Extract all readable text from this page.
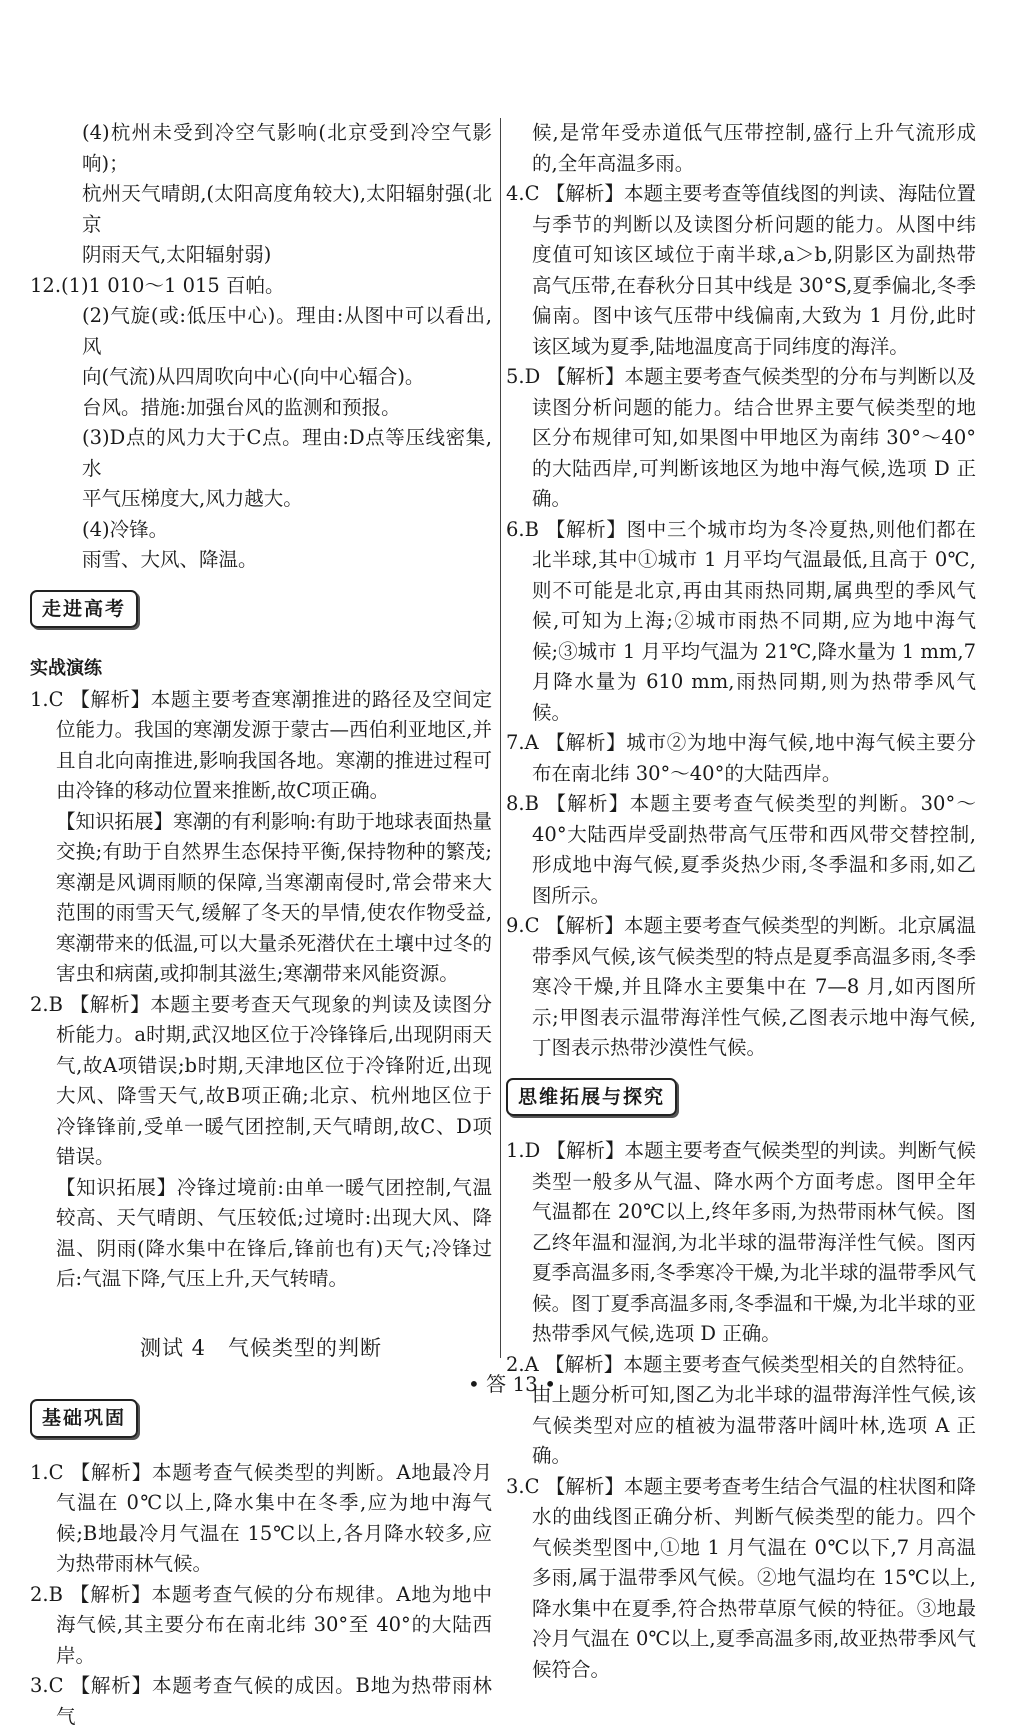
(4)杭州未受到冷空气影响(北京受到冷空气影响)；

杭州天气晴朗,(太阳高度角较大),太阳辐射强(北京

阴雨天气,太阳辐射弱)

12.(1)1 010～1 015 百帕。

(2)气旋(或:低压中心)。理由:从图中可以看出,风

向(气流)从四周吹向中心(向中心辐合)。

台风。措施:加强台风的监测和预报。

(3)D点的风力大于C点。理由:D点等压线密集,水

平气压梯度大,风力越大。

(4)冷锋。

雨雪、大风、降温。

走进高考

实战演练

1.C 【解析】本题主要考查寒潮推进的路径及空间定位能力。我国的寒潮发源于蒙古—西伯利亚地区,并且自北向南推进,影响我国各地。寒潮的推进过程可由冷锋的移动位置来推断,故C项正确。

【知识拓展】寒潮的有利影响:有助于地球表面热量交换;有助于自然界生态保持平衡,保持物种的繁茂;寒潮是风调雨顺的保障,当寒潮南侵时,常会带来大范围的雨雪天气,缓解了冬天的旱情,使农作物受益,寒潮带来的低温,可以大量杀死潜伏在土壤中过冬的害虫和病菌,或抑制其滋生;寒潮带来风能资源。

2.B 【解析】本题主要考查天气现象的判读及读图分析能力。a时期,武汉地区位于冷锋锋后,出现阴雨天气,故A项错误;b时期,天津地区位于冷锋附近,出现大风、降雪天气,故B项正确;北京、杭州地区位于冷锋锋前,受单一暖气团控制,天气晴朗,故C、D项错误。

【知识拓展】冷锋过境前:由单一暖气团控制,气温较高、天气晴朗、气压较低;过境时:出现大风、降温、阴雨(降水集中在锋后,锋前也有)天气;冷锋过后:气温下降,气压上升,天气转晴。

测试 4　气候类型的判断

基础巩固

1.C 【解析】本题考查气候类型的判断。A地最冷月气温在 0℃以上,降水集中在冬季,应为地中海气候;B地最冷月气温在 15℃以上,各月降水较多,应为热带雨林气候。

2.B 【解析】本题考查气候的分布规律。A地为地中海气候,其主要分布在南北纬 30°至 40°的大陆西岸。

3.C 【解析】本题考查气候的成因。B地为热带雨林气

候,是常年受赤道低气压带控制,盛行上升气流形成的,全年高温多雨。

4.C 【解析】本题主要考查等值线图的判读、海陆位置与季节的判断以及读图分析问题的能力。从图中纬度值可知该区域位于南半球,a＞b,阴影区为副热带高气压带,在春秋分日其中线是 30°S,夏季偏北,冬季偏南。图中该气压带中线偏南,大致为 1 月份,此时该区域为夏季,陆地温度高于同纬度的海洋。

5.D 【解析】本题主要考查气候类型的分布与判断以及读图分析问题的能力。结合世界主要气候类型的地区分布规律可知,如果图中甲地区为南纬 30°～40°的大陆西岸,可判断该地区为地中海气候,选项 D 正确。

6.B 【解析】图中三个城市均为冬冷夏热,则他们都在北半球,其中①城市 1 月平均气温最低,且高于 0℃,则不可能是北京,再由其雨热同期,属典型的季风气候,可知为上海;②城市雨热不同期,应为地中海气候;③城市 1 月平均气温为 21℃,降水量为 1 mm,7 月降水量为 610 mm,雨热同期,则为热带季风气候。

7.A 【解析】城市②为地中海气候,地中海气候主要分布在南北纬 30°～40°的大陆西岸。

8.B 【解析】本题主要考查气候类型的判断。30°～40°大陆西岸受副热带高气压带和西风带交替控制,形成地中海气候,夏季炎热少雨,冬季温和多雨,如乙图所示。

9.C 【解析】本题主要考查气候类型的判断。北京属温带季风气候,该气候类型的特点是夏季高温多雨,冬季寒冷干燥,并且降水主要集中在 7—8 月,如丙图所示;甲图表示温带海洋性气候,乙图表示地中海气候,丁图表示热带沙漠性气候。

思维拓展与探究

1.D 【解析】本题主要考查气候类型的判读。判断气候类型一般多从气温、降水两个方面考虑。图甲全年气温都在 20℃以上,终年多雨,为热带雨林气候。图乙终年温和湿润,为北半球的温带海洋性气候。图丙夏季高温多雨,冬季寒冷干燥,为北半球的温带季风气候。图丁夏季高温多雨,冬季温和干燥,为北半球的亚热带季风气候,选项 D 正确。

2.A 【解析】本题主要考查气候类型相关的自然特征。由上题分析可知,图乙为北半球的温带海洋性气候,该气候类型对应的植被为温带落叶阔叶林,选项 A 正确。

3.C 【解析】本题主要考查考生结合气温的柱状图和降水的曲线图正确分析、判断气候类型的能力。四个气候类型图中,①地 1 月气温在 0℃以下,7 月高温多雨,属于温带季风气候。②地气温均在 15℃以上,降水集中在夏季,符合热带草原气候的特征。③地最冷月气温在 0℃以上,夏季高温多雨,故亚热带季风气候符合。

• 答 13 •
